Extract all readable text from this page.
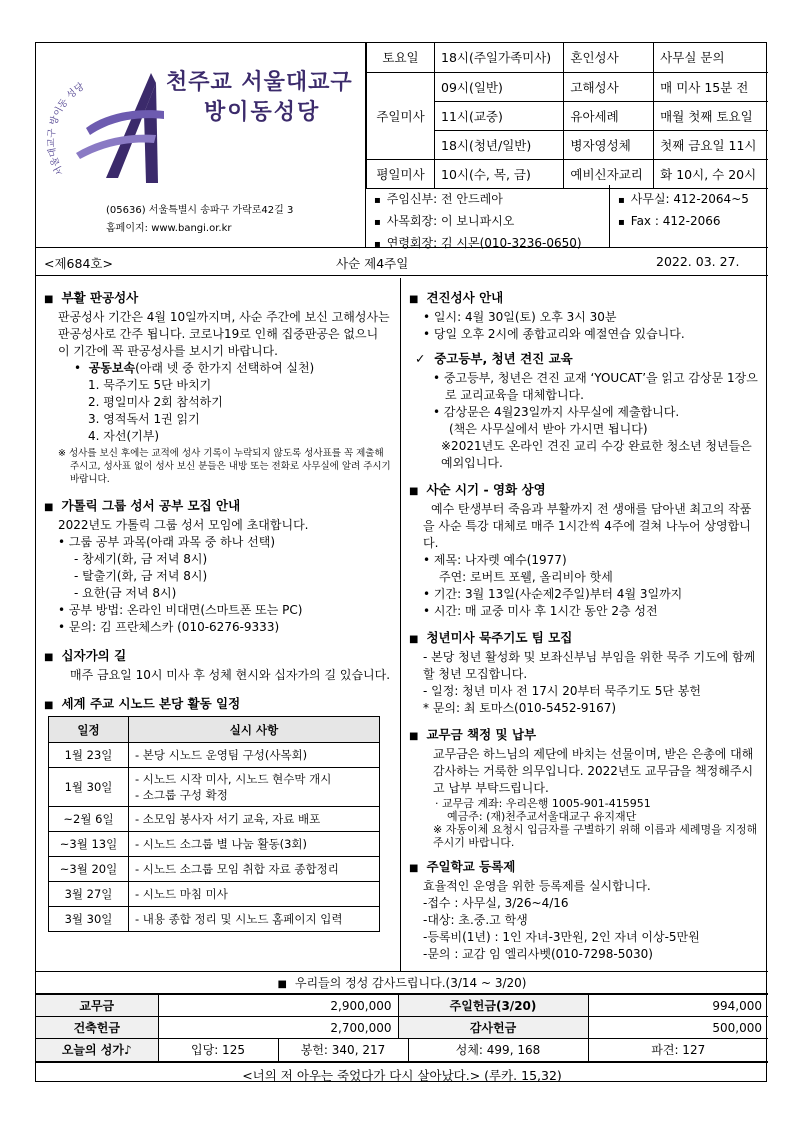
서울대교구 방이동 성당	천주교 서울대교구
방이동성당
(05636) 서울특별시 송파구 가락로42길 3
홈페이지: www.bangi.or.kr
토요일	18시(주일가족미사)	혼인성사	사무실 문의
주일미사	09시(일반)	고해성사	매 미사 15분 전
	11시(교중)	유아세례	매월 첫째 토요일
	18시(청년/일반)	병자영성체	첫째 금요일 11시
평일미사	10시(수, 목, 금)	예비신자교리	화 10시, 수 20시
▪ 주임신부: 전 안드레아
▪ 사목회장: 이 보니파시오
▪ 연령회장: 김 시몬(010-3236-0650)
▪ 사무실: 412-2064~5
▪ Fax : 412-2066
<제684호>	사순 제4주일	2022. 03. 27.
■ 부활 판공성사
판공성사 기간은 4월 10일까지며, 사순 주간에 보신 고해성사는 판공성사로 간주 됩니다. 코로나19로 인해 집중판공은 없으니 이 기간에 꼭 판공성사를 보시기 바랍니다.
•  공동보속(아래 넷 중 한가지 선택하여 실천)
1. 묵주기도 5단 바치기
2. 평일미사 2회 참석하기
3. 영적독서 1권 읽기
4. 자선(기부)
※ 성사를 보신 후에는 교적에 성사 기록이 누락되지 않도록 성사표를 꼭 제출해 주시고, 성사표 없이 성사 보신 분들은 내방 또는 전화로 사무실에 알려 주시기 바랍니다.
■ 가톨릭 그룹 성서 공부 모집 안내
2022년도 가톨릭 그룹 성서 모임에 초대합니다.
• 그룹 공부 과목(아래 과목 중 하나 선택)
- 창세기(화, 금 저녁 8시)
- 탈출기(화, 금 저녁 8시)
- 요한(금 저녁 8시)
• 공부 방법: 온라인 비대면(스마트폰 또는 PC)
• 문의: 김 프란체스카 (010-6276-9333)
■ 십자가의 길
매주 금요일 10시 미사 후 성체 현시와 십자가의 길 있습니다.
■ 세계 주교 시노드 본당 활동 일정
일정	실시 사항
1월 23일	- 본당 시노드 운영팀 구성(사목회)
1월 30일	- 시노드 시작 미사, 시노드 현수막 개시
- 소그룹 구성 확정

~2월 6일	- 소모임 봉사자 서기 교육, 자료 배포
~3월 13일	- 시노드 소그룹 별 나눔 활동(3회)
~3월 20일	- 시노드 소그룹 모임 취합 자료 종합정리
3월 27일	- 시노드 마침 미사
3월 30일	- 내용 종합 정리 및 시노드 홈페이지 입력
■ 견진성사 안내
• 일시: 4월 30일(토) 오후 3시 30분
• 당일 오후 2시에 종합교리와 예절연습 있습니다.
✓  중고등부, 청년 견진 교육
• 중고등부, 청년은 견진 교재 ‘YOUCAT’을 읽고 감상문 1장으로 교리교육을 대체합니다.
• 감상문은 4월23일까지 사무실에 제출합니다.
(책은 사무실에서 받아 가시면 됩니다)
※2021년도 온라인 견진 교리 수강 완료한 청소년 청년들은 예외입니다.
■ 사순 시기 - 영화 상영
예수 탄생부터 죽음과 부활까지 전 생애를 담아낸 최고의 작품을 사순 특강 대체로 매주 1시간씩 4주에 걸쳐 나누어 상영합니다.
• 제목: 나자렛 예수(1977)
주연: 로버트 포웰, 올리비아 핫세
• 기간: 3월 13일(사순제2주일)부터 4월 3일까지
• 시간: 매 교중 미사 후 1시간 동안 2층 성전
■ 청년미사 묵주기도 팀 모집
- 본당 청년 활성화 및 보좌신부님 부임을 위한 묵주 기도에 함께할 청년 모집합니다.
- 일정: 청년 미사 전 17시 20부터 묵주기도 5단 봉헌
* 문의: 최 토마스(010-5452-9167)
■ 교무금 책정 및 납부
교무금은 하느님의 제단에 바치는 선물이며, 받은 은총에 대해 감사하는 거룩한 의무입니다. 2022년도 교무금을 책정해주시고 납부 부탁드립니다.
· 교무금 계좌: 우리은행 1005-901-415951
예금주: (재)천주교서울대교구 유지재단
※ 자동이체 요청시 입금자를 구별하기 위해 이름과 세례명을 지정해 주시기 바랍니다.
■ 주일학교 등록제
효율적인 운영을 위한 등록제를 실시합니다.
-접수 : 사무실, 3/26~4/16
-대상: 초.중.고 학생
-등록비(1년) : 1인 자녀-3만원, 2인 자녀 이상-5만원
-문의 : 교감 임 엘리사벳(010-7298-5030)
■ 우리들의 정성 감사드립니다.(3/14 ~ 3/20)
교무금	2,900,000	주일헌금(3/20)	994,000
건축헌금	2,700,000	감사헌금	500,000
오늘의 성가♪	입당: 125	봉헌: 340, 217	성체: 499, 168	파견: 127
<너의 저 아우는 죽었다가 다시 살아났다.> (루카. 15,32)
